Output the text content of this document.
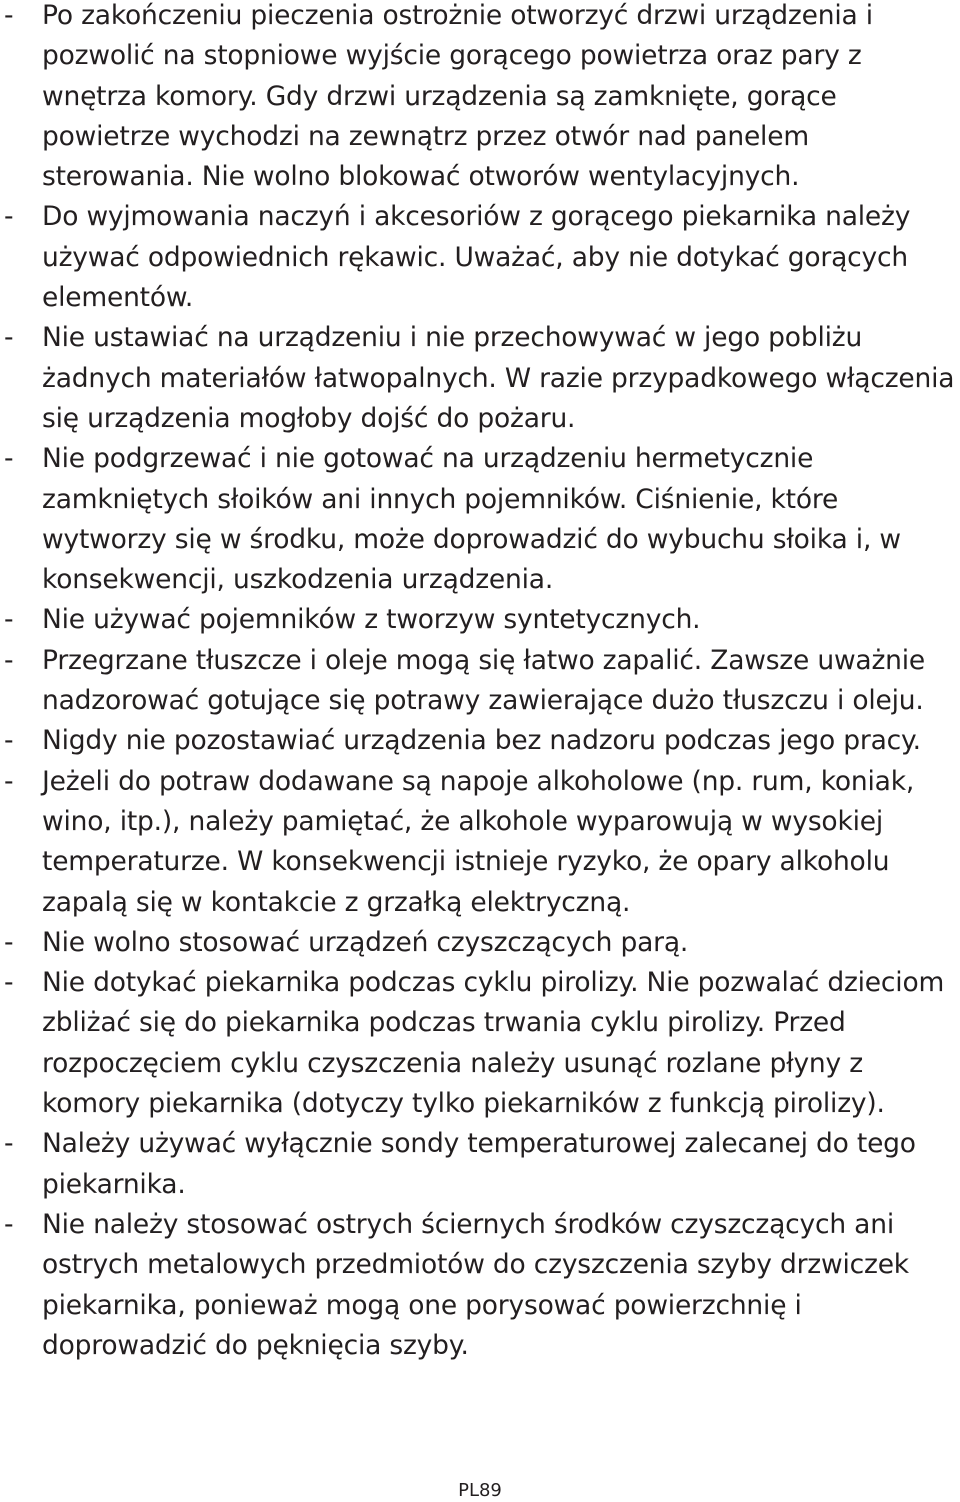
- Po zakończeniu pieczenia ostrożnie otworzyć drzwi urządzenia i pozwolić na stopniowe wyjście gorącego powietrza oraz pary z wnętrza komory. Gdy drzwi urządzenia są zamknięte, gorące powietrze wychodzi na zewnątrz przez otwór nad panelem sterowania. Nie wolno blokować otworów wentylacyjnych.
- Do wyjmowania naczyń i akcesoriów z gorącego piekarnika należy używać odpowiednich rękawic. Uważać, aby nie dotykać gorących elementów.
- Nie ustawiać na urządzeniu i nie przechowywać w jego pobliżu żadnych materiałów łatwopalnych. W razie przypadkowego włączenia się urządzenia mogłoby dojść do pożaru.
- Nie podgrzewać i nie gotować na urządzeniu hermetycznie zamkniętych słoików ani innych pojemników. Ciśnienie, które wytworzy się w środku, może doprowadzić do wybuchu słoika i, w konsekwencji, uszkodzenia urządzenia.
- Nie używać pojemników z tworzyw syntetycznych.
- Przegrzane tłuszcze i oleje mogą się łatwo zapalić. Zawsze uważnie nadzorować gotujące się potrawy zawierające dużo tłuszczu i oleju.
- Nigdy nie pozostawiać urządzenia bez nadzoru podczas jego pracy.
- Jeżeli do potraw dodawane są napoje alkoholowe (np. rum, koniak, wino, itp.), należy pamiętać, że alkohole wyparowują w wysokiej temperaturze. W konsekwencji istnieje ryzyko, że opary alkoholu zapalą się w kontakcie z grzałką elektryczną.
- Nie wolno stosować urządzeń czyszczących parą.
- Nie dotykać piekarnika podczas cyklu pirolizy. Nie pozwalać dzieciom zbliżać się do piekarnika podczas trwania cyklu pirolizy. Przed rozpoczęciem cyklu czyszczenia należy usunąć rozlane płyny z komory piekarnika (dotyczy tylko piekarników z funkcją pirolizy).
- Należy używać wyłącznie sondy temperaturowej zalecanej do tego piekarnika.
- Nie należy stosować ostrych ściernych środków czyszczących ani ostrych metalowych przedmiotów do czyszczenia szyby drzwiczek piekarnika, ponieważ mogą one porysować powierzchnię i doprowadzić do pęknięcia szyby.
PL89
